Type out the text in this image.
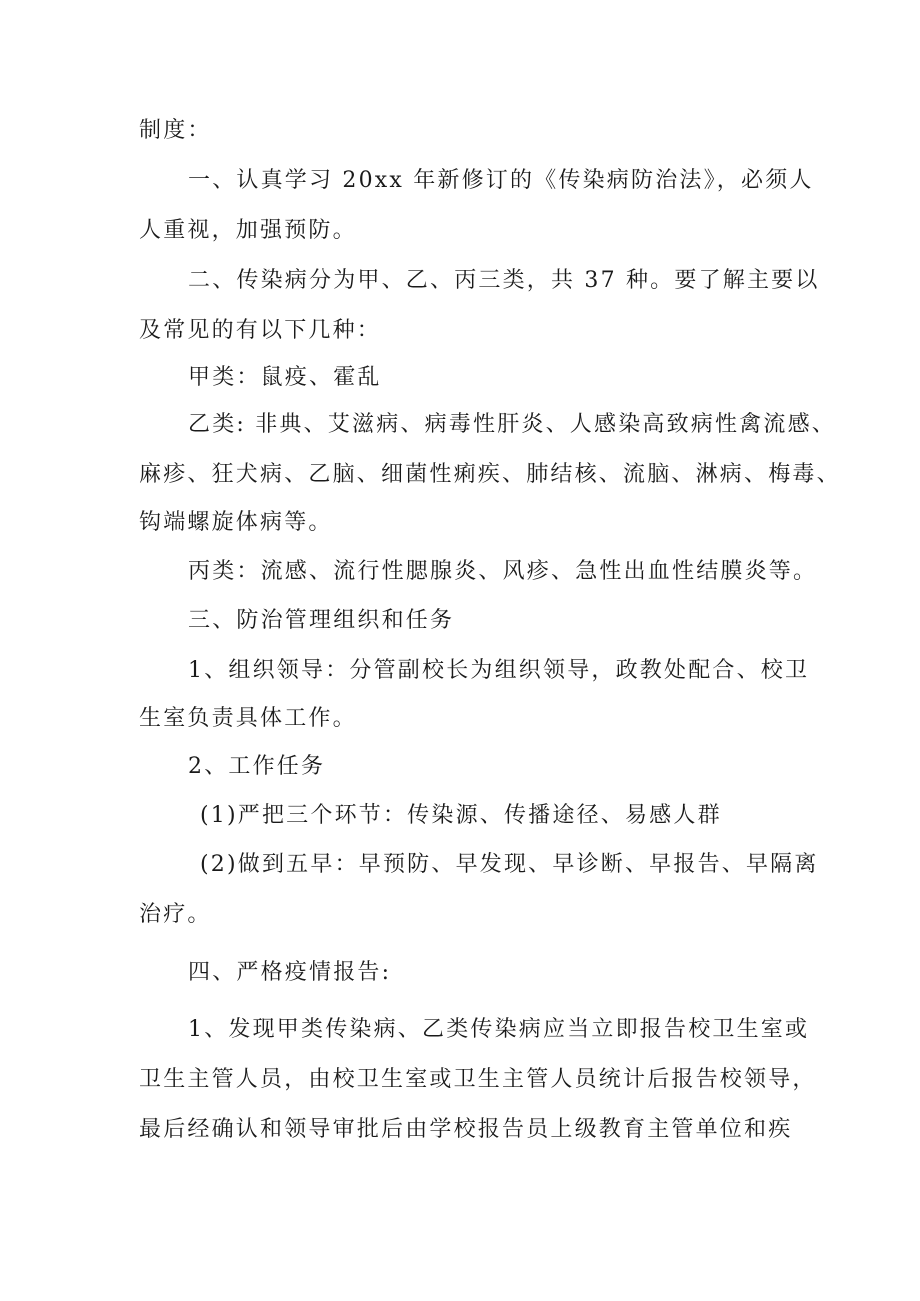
制度：
一、认真学习 20xx 年新修订的《传染病防治法》，必须人
人重视，加强预防。
二、传染病分为甲、乙、丙三类，共 37 种。要了解主要以
及常见的有以下几种：
甲类：鼠疫、霍乱
乙类: 非典、艾滋病、病毒性肝炎、人感染高致病性禽流感、
麻疹、狂犬病、乙脑、细菌性痢疾、肺结核、流脑、淋病、梅毒、
钩端螺旋体病等。
丙类：流感、流行性腮腺炎、风疹、急性出血性结膜炎等。
三、防治管理组织和任务
1、组织领导：分管副校长为组织领导，政教处配合、校卫
生室负责具体工作。
2、工作任务
(1)严把三个环节：传染源、传播途径、易感人群
(2)做到五早：早预防、早发现、早诊断、早报告、早隔离
治疗。
四、严格疫情报告:
1、发现甲类传染病、乙类传染病应当立即报告校卫生室或
卫生主管人员，由校卫生室或卫生主管人员统计后报告校领导，
最后经确认和领导审批后由学校报告员上级教育主管单位和疾
